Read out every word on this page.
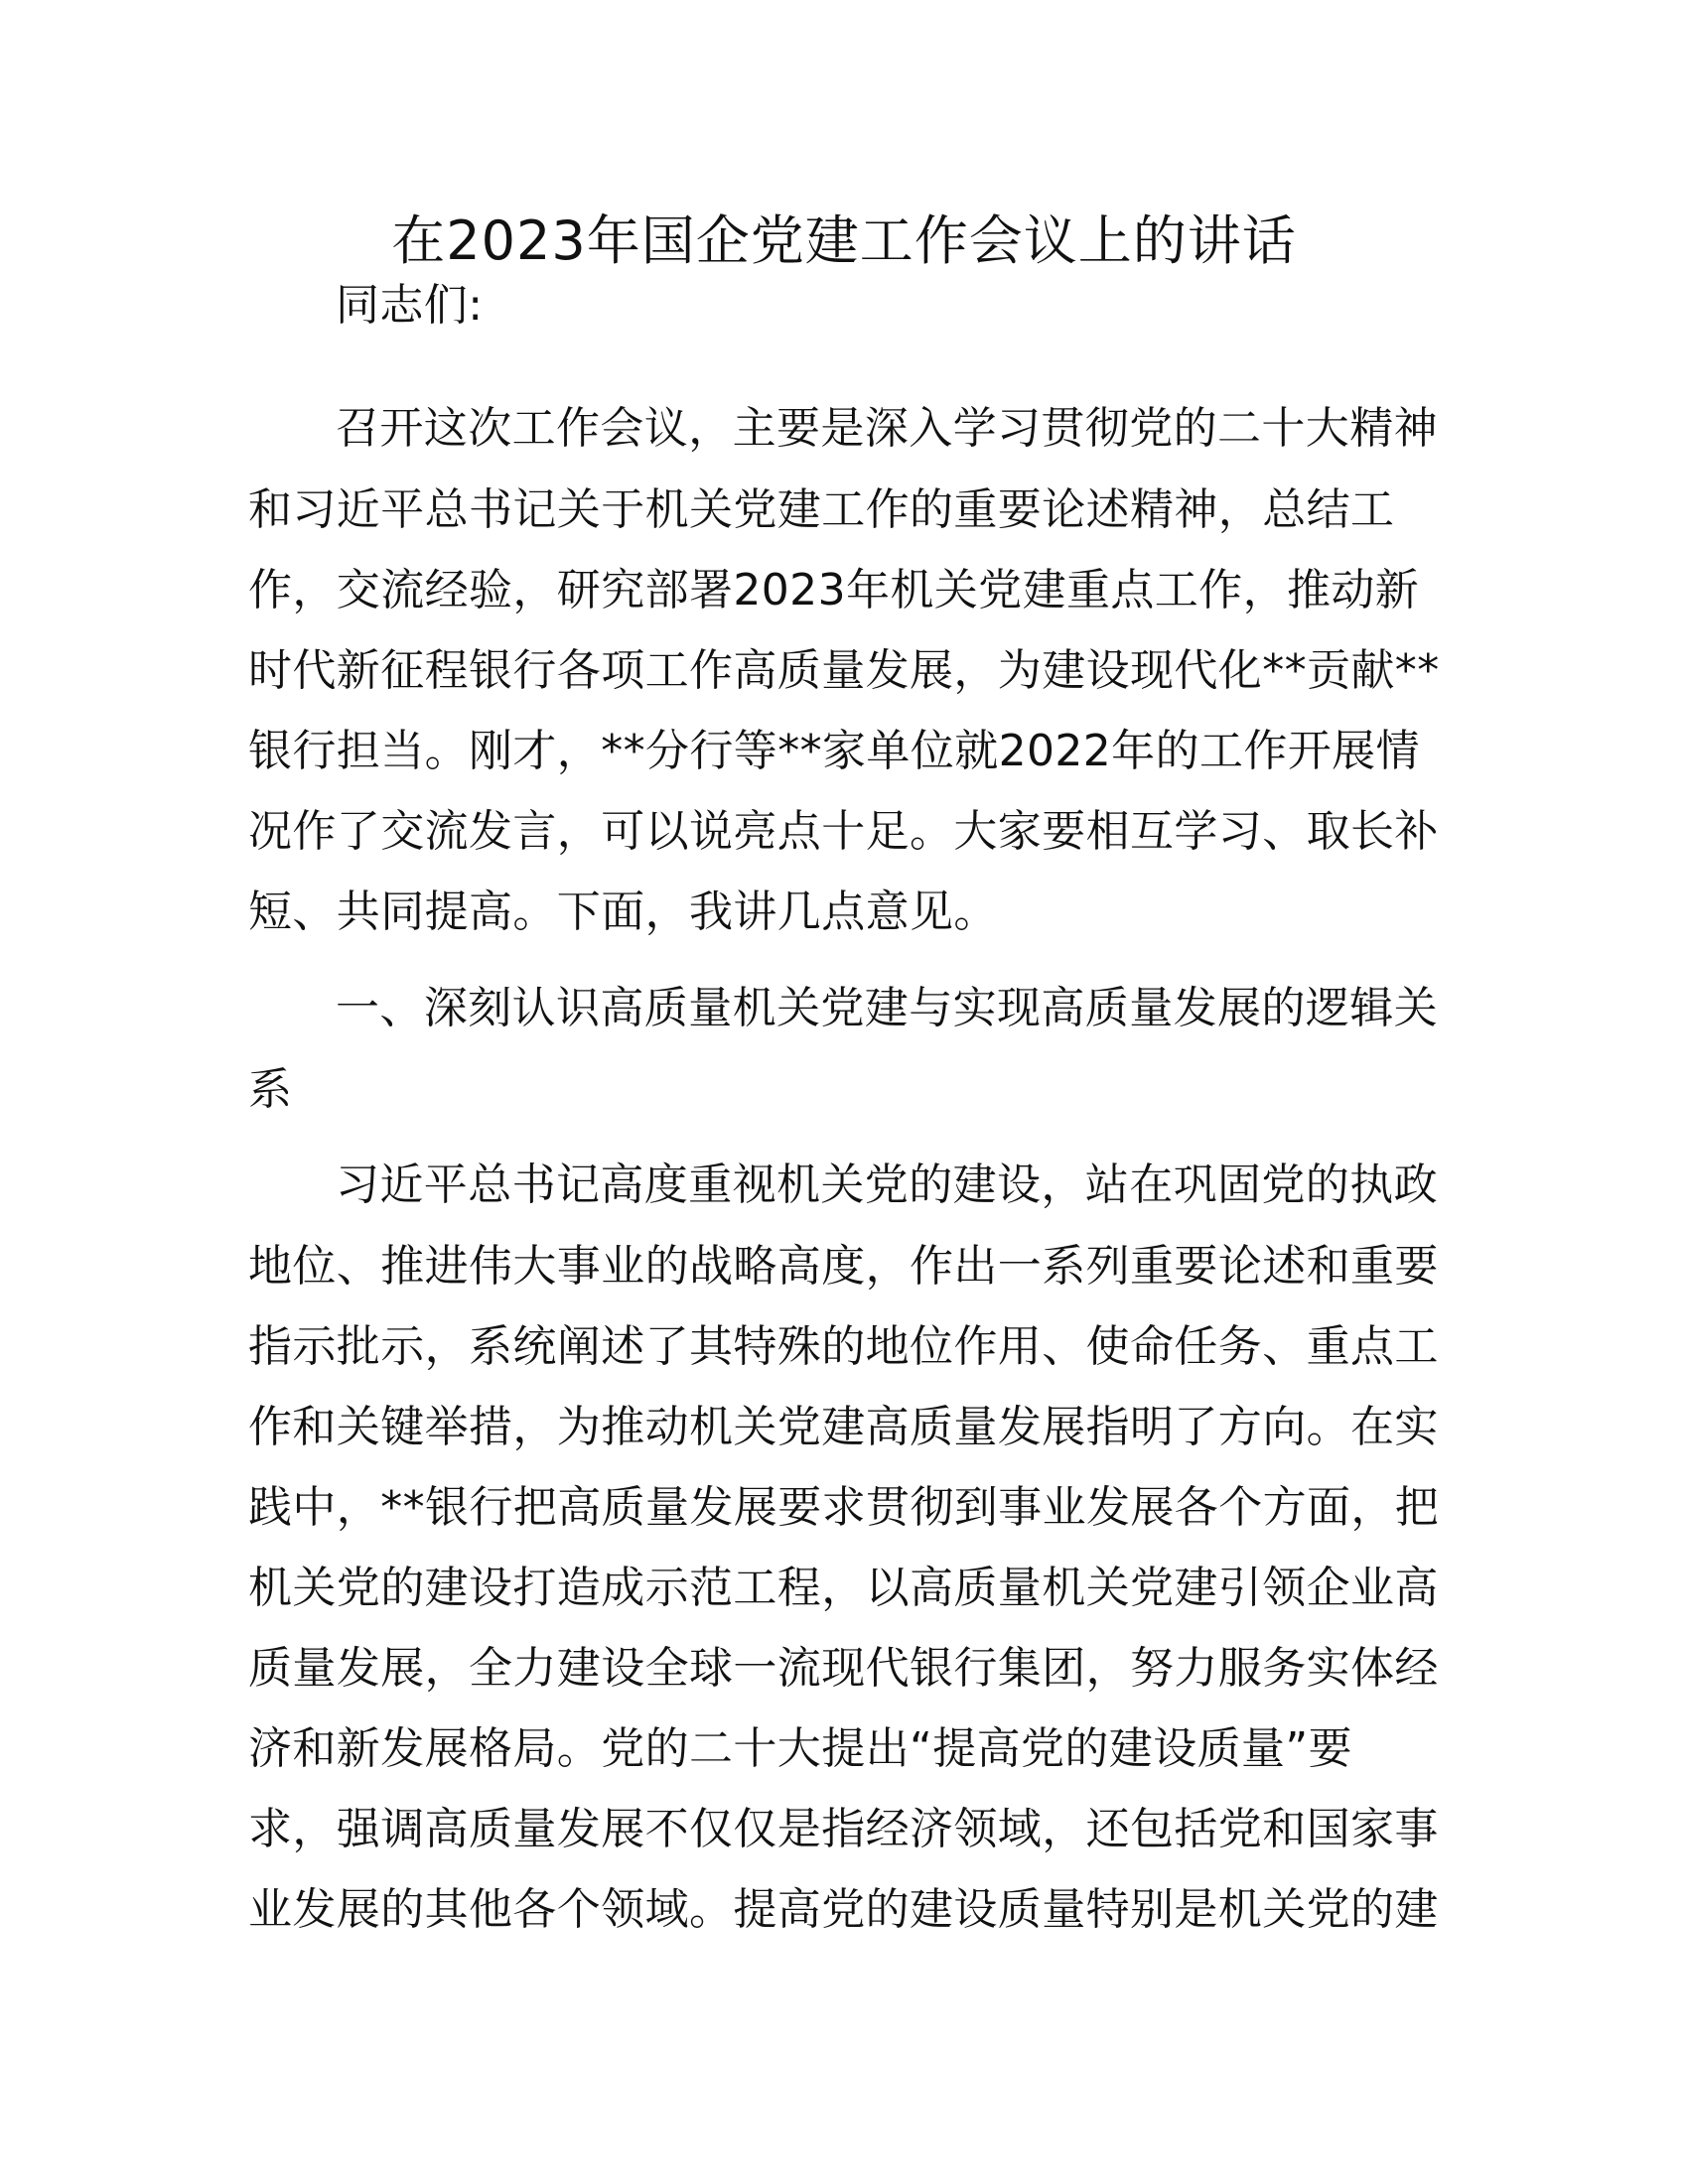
在2023年国企党建工作会议上的讲话
同志们:
召开这次工作会议，主要是深入学习贯彻党的二十大精神
和习近平总书记关于机关党建工作的重要论述精神，总结工
作，交流经验，研究部署2023年机关党建重点工作，推动新
时代新征程银行各项工作高质量发展，为建设现代化**贡献**
银行担当。刚才，**分行等**家单位就2022年的工作开展情
况作了交流发言，可以说亮点十足。大家要相互学习、取长补
短、共同提高。下面，我讲几点意见。
一、深刻认识高质量机关党建与实现高质量发展的逻辑关
系
习近平总书记高度重视机关党的建设，站在巩固党的执政
地位、推进伟大事业的战略高度，作出一系列重要论述和重要
指示批示，系统阐述了其特殊的地位作用、使命任务、重点工
作和关键举措，为推动机关党建高质量发展指明了方向。在实
践中，**银行把高质量发展要求贯彻到事业发展各个方面，把
机关党的建设打造成示范工程，以高质量机关党建引领企业高
质量发展，全力建设全球一流现代银行集团，努力服务实体经
济和新发展格局。党的二十大提出“提高党的建设质量”要
求，强调高质量发展不仅仅是指经济领域，还包括党和国家事
业发展的其他各个领域。提高党的建设质量特别是机关党的建
